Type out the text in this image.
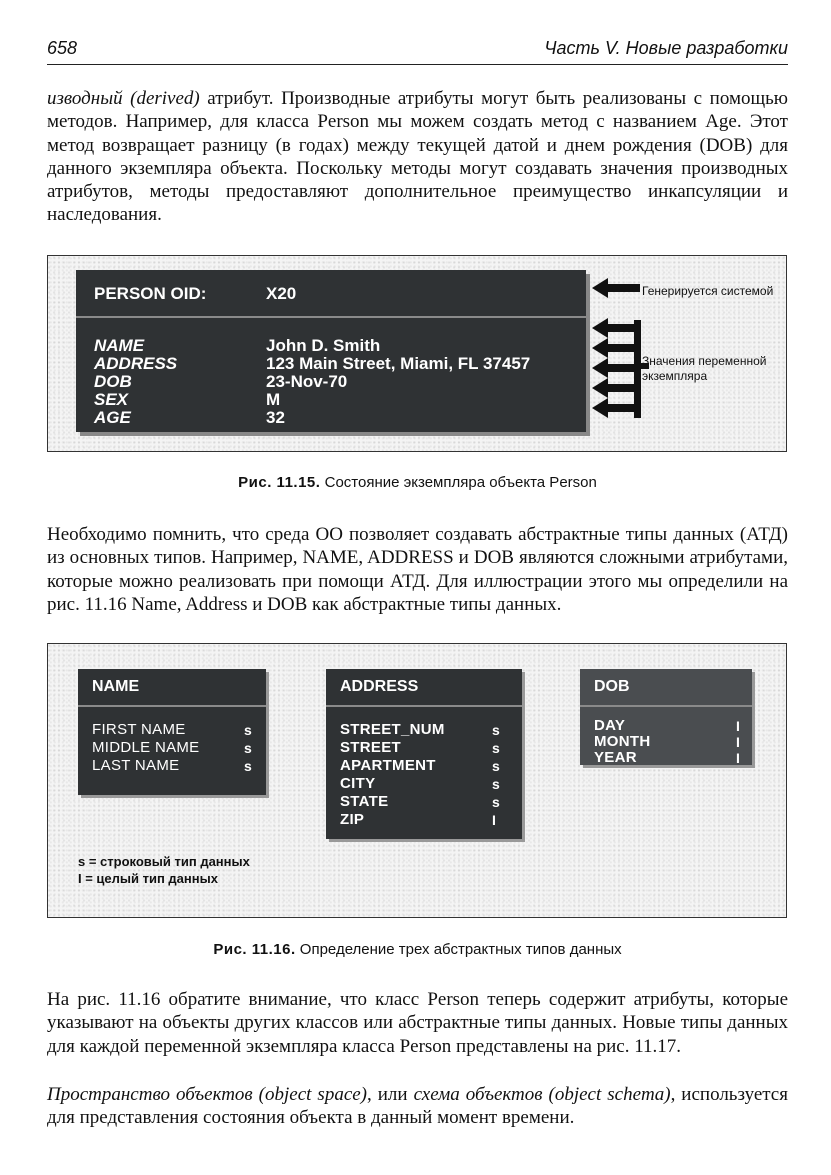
658	Часть V. Новые разработки

изводный (derived) атрибут. Производные атрибуты могут быть реализованы с помощью методов. Например, для класса Person мы можем создать метод с названием Age. Этот метод возвращает разницу (в годах) между текущей датой и днем рождения (DOB) для данного экземпляра объекта. Поскольку методы могут создавать значения производных атрибутов, методы предоставляют дополнительное преимущество инкапсуляции и наследования.

PERSON OID:	X20
NAME	John D. Smith
ADDRESS	123 Main Street, Miami, FL 37457
DOB	23-Nov-70
SEX	M
AGE	32
Генерируется системой
Значения переменной
экземпляра
Рис. 11.15. Состояние экземпляра объекта Person

Необходимо помнить, что среда ОО позволяет создавать абстрактные типы данных (АТД) из основных типов. Например, NAME, ADDRESS и DOB являются сложными атрибутами, которые можно реализовать при помощи АТД. Для иллюстрации этого мы определили на рис. 11.16 Name, Address и DOB как абстрактные типы данных.

NAME
FIRST NAME	s
MIDDLE NAME	s
LAST NAME	s
ADDRESS
STREET_NUM	s
STREET	s
APARTMENT	s
CITY	s
STATE	s
ZIP	I
DOB
DAY	I
MONTH	I
YEAR	I
s = строковый тип данных
I = целый тип данных
Рис. 11.16. Определение трех абстрактных типов данных

На рис. 11.16 обратите внимание, что класс Person теперь содержит атрибуты, которые указывают на объекты других классов или абстрактные типы данных. Новые типы данных для каждой переменной экземпляра класса Person представлены на рис. 11.17.

Пространство объектов (object space), или схема объектов (object schema), используется для представления состояния объекта в данный момент времени.
